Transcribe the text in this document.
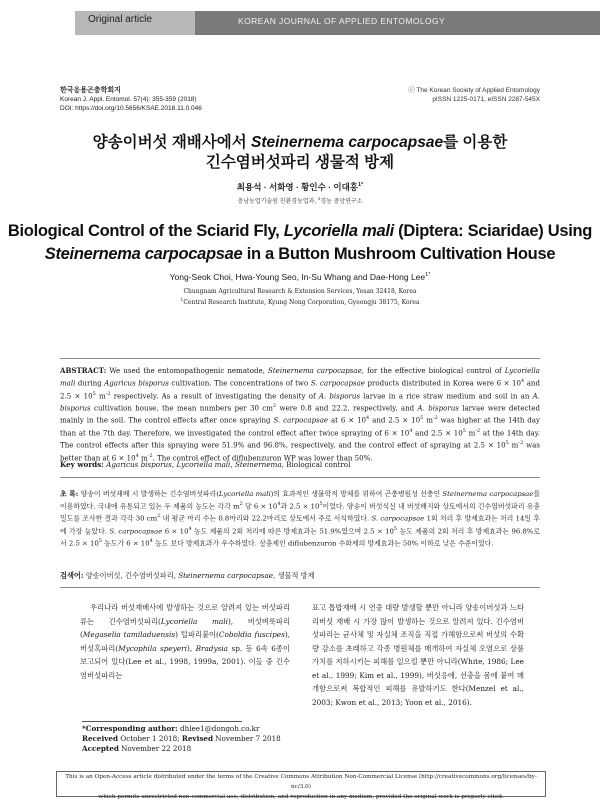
Original article	KOREAN JOURNAL OF APPLIED ENTOMOLOGY
한국응용곤충학회지
Korean J. Appl. Entomol. 57(4): 355-359 (2018)
DOI: https://doi.org/10.5656/KSAE.2018.11.0.046
ⓒ The Korean Society of Applied Entomology
pISSN 1225-0171, eISSN 2287-545X
양송이버섯 재배사에서 Steinernema carpocapsae를 이용한
긴수염버섯파리 생물적 방제
최용석 · 서화영 · 황인수 · 이대홍$^{1*}$
충남농업기술원 친환경농업과, $^1$경농 중앙연구소
Biological Control of the Sciarid Fly, Lycoriella mali (Diptera: Sciaridae) Using
Steinernema carpocapsae in a Button Mushroom Cultivation House
Yong-Seok Choi, Hwa-Young Seo, In-Su Whang and Dae-Hong Lee$^{1*}$
Chungnam Agricultural Research & Extension Services, Yesan 32418, Korea
$^1$Central Research Institute, Kyung Nong Corporation, Gyeongju 38175, Korea
ABSTRACT: We used the entomopathogenic nematode, Steinernema carpocapsae, for the effective biological control of Lycoriella mali during Agaricus bisporus cultivation. The concentrations of two S. carpocapsae products distributed in Korea were $6 \times 10^4$ and $2.5 \times 10^5$ $m^{-2}$ respectively. As a result of investigating the density of A. bisporus larvae in a rice straw medium and soil in an A. bisporus cultivation house, the mean numbers per 30 $cm^2$ were 0.8 and 22.2, respectively, and A. bisporus larvae were detected mainly in the soil. The control effects after once spraying S. carpocapsae at $6 \times 10^4$ and $2.5 \times 10^5$ $m^{-2}$ was higher at the 14th day than at the 7th day. Therefore, we investigated the control effect after twice spraying of $6 \times 10^4$ and $2.5 \times 10^5$ $m^{-2}$ at the 14th day. The control effects after this spraying were 51.9% and 96.8%, respectively, and the control effect of spraying at $2.5 \times 10^5$ $m^{-2}$ was better than at $6 \times 10^4$ $m^{-2}$. The control effect of diflubenzuron WP was lower than 50%.
Key words: Agaricus bisporus, Lycoriella mali, Steinernema, Biological control
초 록: 양송이 버섯재배 시 발생하는 긴수염버섯파리(Lycoriella mali)의 효과적인 생물학적 방제를 위하여 곤충병원성 선충인 Steinernema carpocapsae를 이용하였다. 국내에 유통되고 있는 두 제품의 농도는 각각 $m^2$ 당 $6 \times 10^4$과 $2.5 \times 10^5$이었다. 양송이 버섯식실 내 버섯배지와 상토에서의 긴수염버섯파리 유충 밀도를 조사한 결과 각각 30 $cm^2$ 내 평균 마리 수는 0.8마리와 22.2마리로 상토에서 주로 서식하였다. S. carpocapsae 1회 처리 후 방제효과는 처리 14일 후에 가장 높았다. S. carpocapsae $6 \times 10^4$ 농도 제품의 2회 처리에 따른 방제효과는 51.9%였으며 $2.5 \times 10^5$ 농도 제품의 2회 처리 후 방제효과는 96.8%로서 $2.5 \times 10^5$ 농도가 $6 \times 10^4$ 농도 보다 방제효과가 우수하였다. 살충제인 diflubenzuron 수화제의 방제효과는 50% 이하로 낮은 수준이었다.
검색어: 양송이버섯, 긴수염버섯파리, Steinernema carpocapsae, 생물적 방제
우리나라 버섯재배사에 발생하는 것으로 알려져 있는 버섯파리류는 긴수염버섯파리(Lycoriella mali), 버섯벼룩파리(Megaselia tamiladuensis) 털파리붙이(Coboldia fuscipes), 버섯혹파리(Mycophila speyeri), Bradysia sp. 등 6속 6종이 보고되어 있다(Lee et al., 1998, 1999a, 2001). 이들 중 긴수염버섯파리는
표고 톱밥재배 시 연중 대량 발생할 뿐만 아니라 양송이버섯과 느타리버섯 재배 시 가장 많이 발생하는 것으로 알려져 있다. 긴수염버섯파리는 균사체 및 자실체 조직을 직접 가해함으로써 버섯의 수확량 감소를 초래하고 각종 병원체를 매개하여 자실체 오염으로 상품가치를 저하시키는 피해를 일으킬 뿐만 아니라(White, 1986; Lee et al., 1999; Kim et al., 1999), 버섯응애, 선충을 몸에 붙여 매개함으로써 복합적인 피해를 유발하기도 한다(Menzel et al., 2003; Kwon et al., 2013; Yoon et al., 2016).
*Corresponding author: dhlee1@dongoh.co.kr
Received October 1 2018; Revised November 7 2018
Accepted November 22 2018
This is an Open-Access article distributed under the terms of the Creative Commons Attribution Non-Commercial License (http://creativecommons.org/licenses/by-nc/3.0)
which permits unrestricted non-commercial use, distribution, and reproduction in any medium, provided the original work is properly cited.
